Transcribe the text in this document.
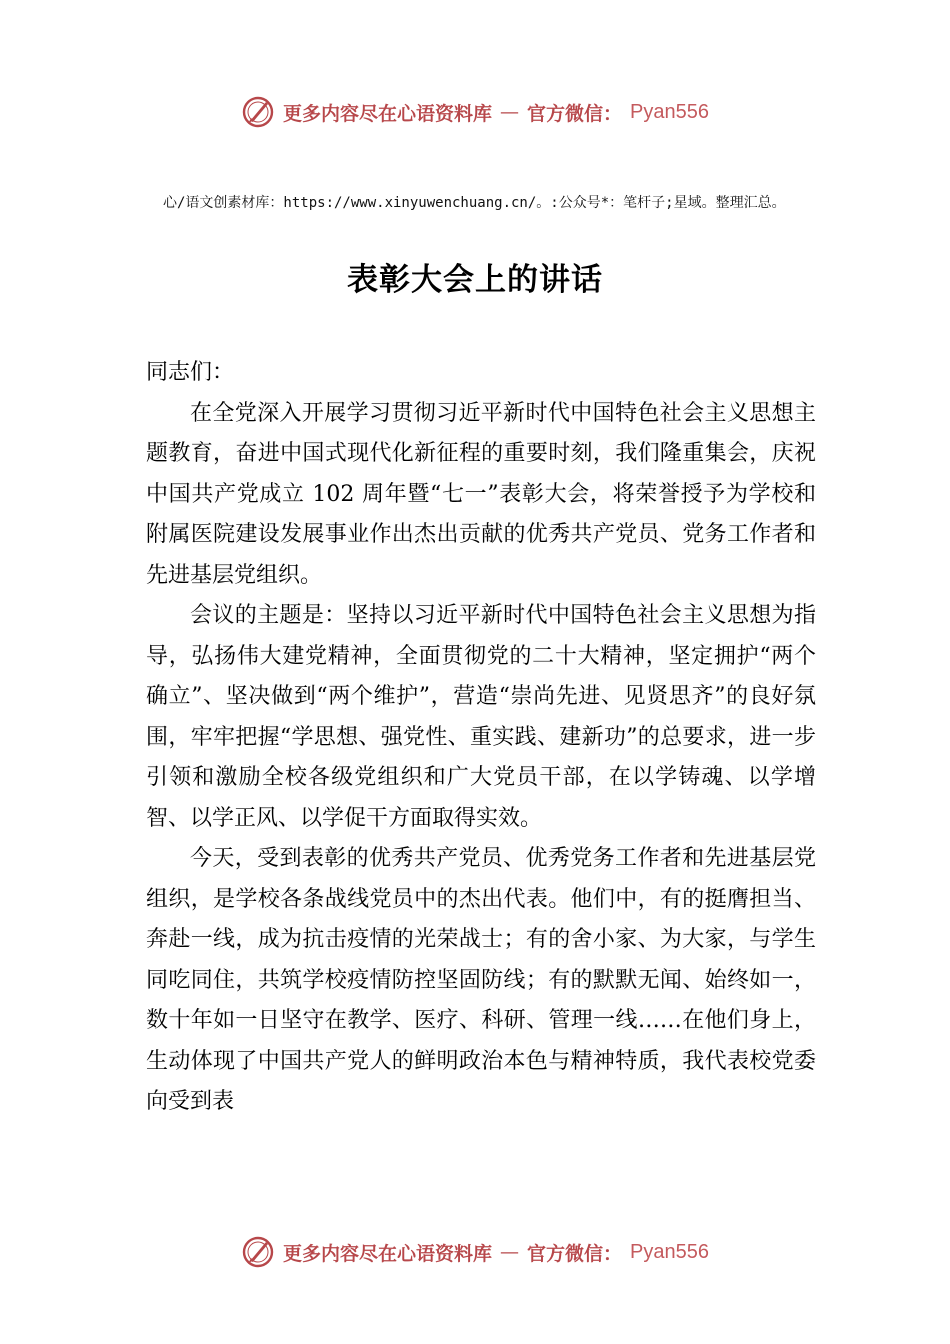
更多内容尽在心语资料库 — 官方微信： Pyan556
心/语文创素材库：https://www.xinyuwenchuang.cn/。:公众号*：笔杆子;星域。整理汇总。
表彰大会上的讲话

同志们：

在全党深入开展学习贯彻习近平新时代中国特色社会主义思想主题教育，奋进中国式现代化新征程的重要时刻，我们隆重集会，庆祝中国共产党成立 102 周年暨“七一”表彰大会，将荣誉授予为学校和附属医院建设发展事业作出杰出贡献的优秀共产党员、党务工作者和先进基层党组织。

会议的主题是：坚持以习近平新时代中国特色社会主义思想为指导，弘扬伟大建党精神，全面贯彻党的二十大精神，坚定拥护“两个确立”、坚决做到“两个维护”，营造“崇尚先进、见贤思齐”的良好氛围，牢牢把握“学思想、强党性、重实践、建新功”的总要求，进一步引领和激励全校各级党组织和广大党员干部，在以学铸魂、以学增智、以学正风、以学促干方面取得实效。

今天，受到表彰的优秀共产党员、优秀党务工作者和先进基层党组织，是学校各条战线党员中的杰出代表。他们中，有的挺膺担当、奔赴一线，成为抗击疫情的光荣战士；有的舍小家、为大家，与学生同吃同住，共筑学校疫情防控坚固防线；有的默默无闻、始终如一，数十年如一日坚守在教学、医疗、科研、管理一线……在他们身上，生动体现了中国共产党人的鲜明政治本色与精神特质，我代表校党委向受到表

更多内容尽在心语资料库 — 官方微信： Pyan556
